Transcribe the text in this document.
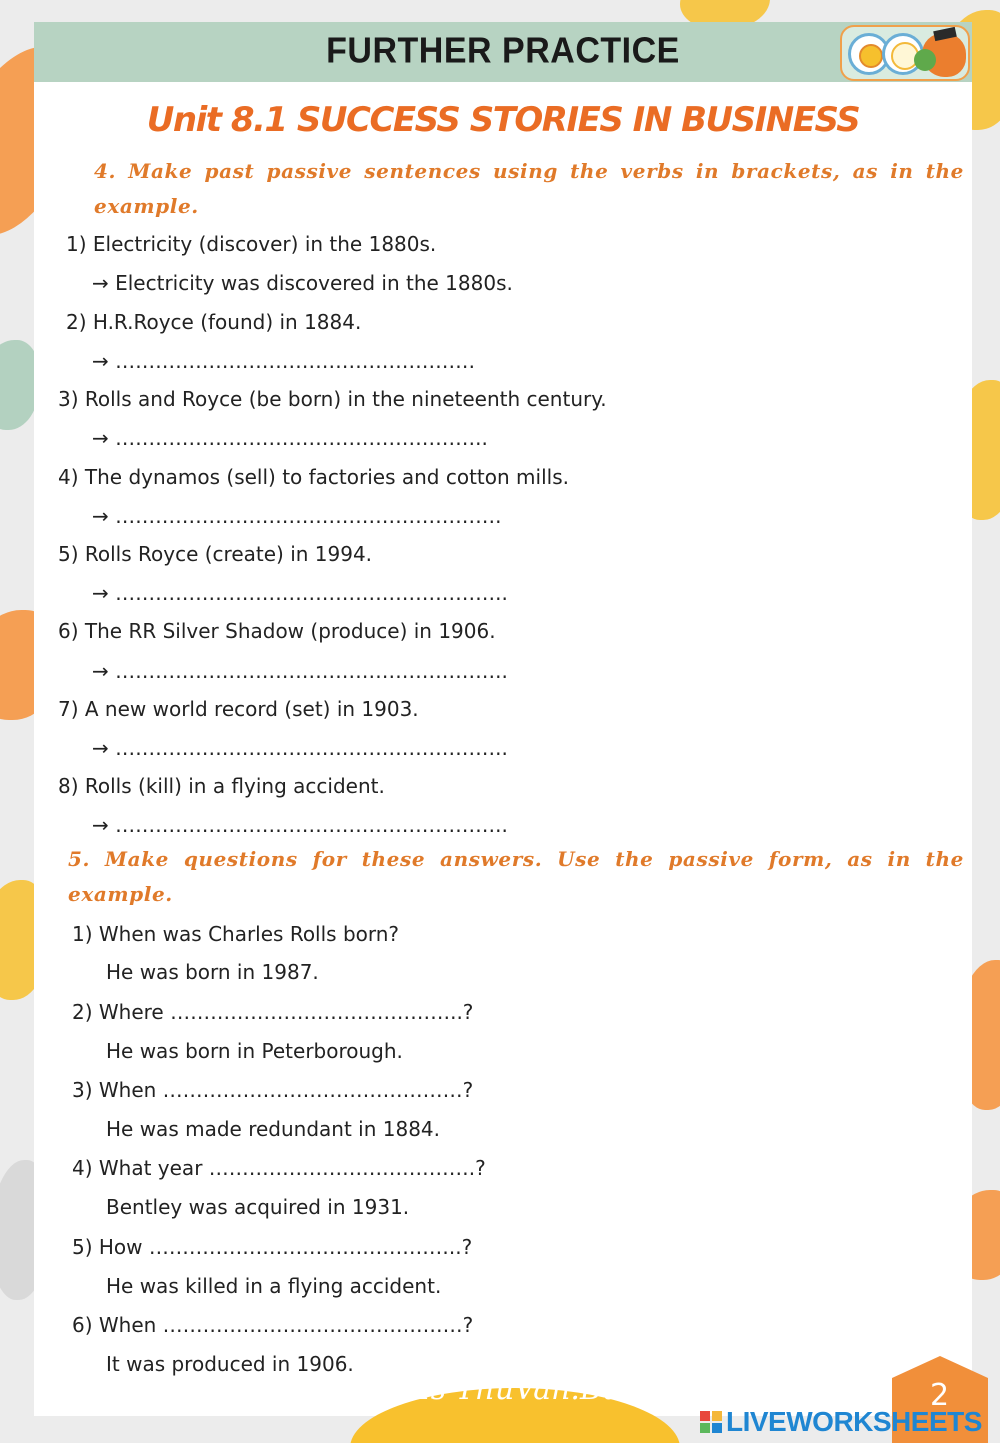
FURTHER PRACTICE
Unit 8.1 SUCCESS STORIES IN BUSINESS
4. Make past passive sentences using the verbs in brackets, as in the example.
1) Electricity (discover) in the 1880s.
→ Electricity was discovered in the 1880s.
2) H.R.Royce (found) in 1884.
→ ………………………………………………
3) Rolls and Royce (be born) in the nineteenth century.
→ ………………………………………………..
4) The dynamos (sell) to factories and cotton mills.
→ ………………………………………………….
5) Rolls Royce (create) in 1994.
→ …………………………………………………..
6) The RR Silver Shadow (produce) in 1906.
→ …………………………………………………..
7) A new world record (set) in 1903.
→ …………………………………………………..
8) Rolls (kill) in a flying accident.
→ …………………………………………………..
5. Make questions for these answers. Use the passive form, as in the example.
1) When was Charles Rolls born?
He was born in 1987.
2) Where ……………………………………..?
He was born in Peterborough.
3) When ………………………………………?
He was made redundant in 1884.
4) What year ………………………………….?
Bentley was acquired in 1931.
5) How ………………………………………..?
He was killed in a flying accident.
6) When ………………………………………?
It was produced in 1906.
Ms ThuVan.Bui	2
LIVEWORKSHEETS
